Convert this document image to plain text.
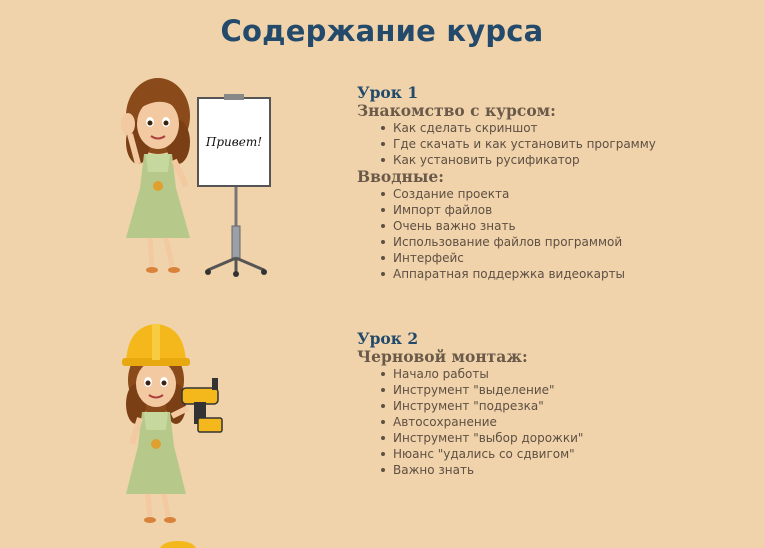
Содержание курса
Привет!
Урок 1
Знакомство с курсом:
Как сделать скриншот
Где скачать и как установить программу
Как установить русификатор
Вводные:
Создание проекта
Импорт файлов
Очень важно знать
Использование файлов программой
Интерфейс
Аппаратная поддержка видеокарты
Урок 2
Черновой монтаж:
Начало работы
Инструмент "выделение"
Инструмент "подрезка"
Автосохранение
Инструмент "выбор дорожки"
Нюанс "удались со сдвигом"
Важно знать
